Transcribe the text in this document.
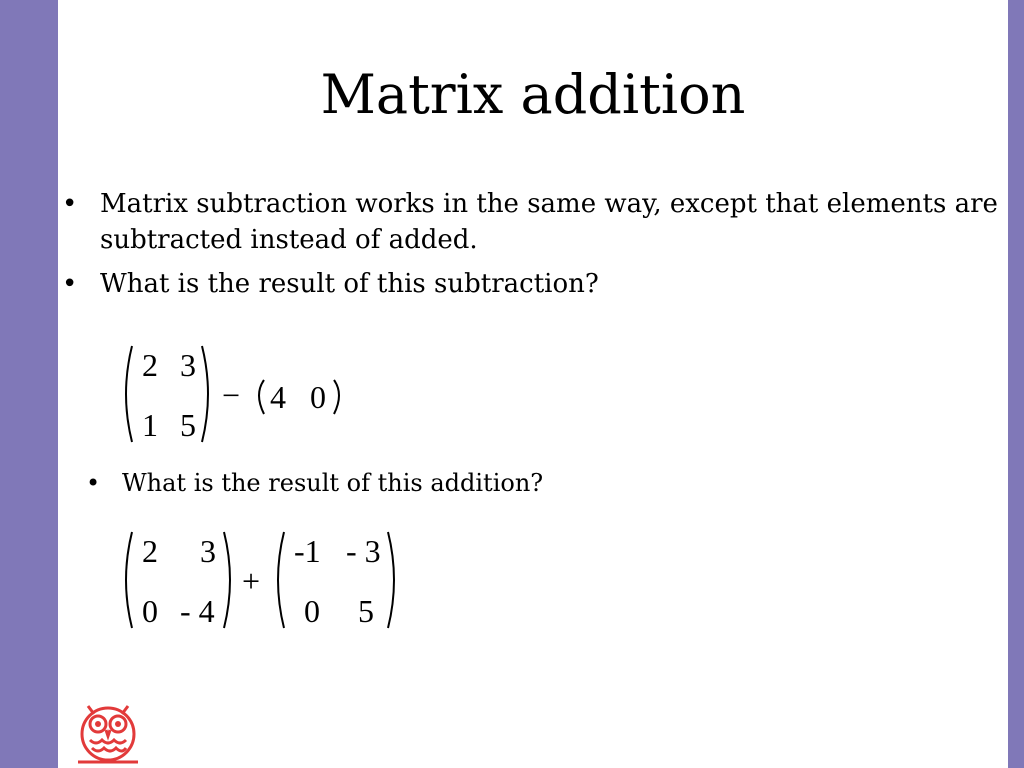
Matrix addition
• Matrix subtraction works in the same way, except that elements are subtracted instead of added.
• What is the result of this subtraction?
2 3
1 5
− 4 0
• What is the result of this addition?
2 3
0 - 4
+
-1 - 3
0 5
